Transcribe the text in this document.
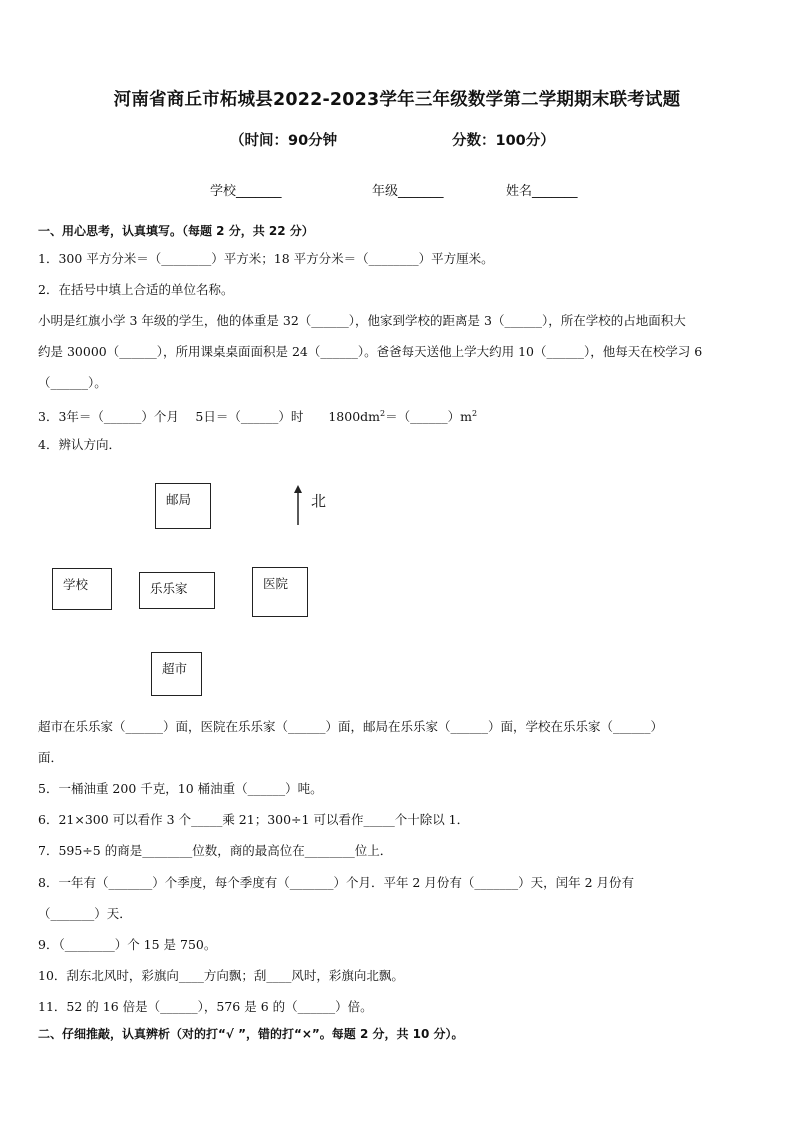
河南省商丘市柘城县2022-2023学年三年级数学第二学期期末联考试题
（时间：90分钟	分数：100分）
学校_______	年级_______	姓名_______
一、用心思考，认真填写。（每题 2 分，共 22 分）
1．300 平方分米＝（________）平方米；18 平方分米＝（________）平方厘米。
2．在括号中填上合适的单位名称。
小明是红旗小学 3 年级的学生，他的体重是 32（______），他家到学校的距离是 3（______），所在学校的占地面积大
约是 30000（______），所用课桌桌面面积是 24（______）。爸爸每天送他上学大约用 10（______），他每天在校学习 6
（______）。
3．3年＝（______）个月　 5日＝（______）时　　$1800dm^2=(\_\_\_\_\_\_)m^2$
4．辨认方向．
邮局	北
学校	乐乐家	医院
超市
超市在乐乐家（______）面，医院在乐乐家（______）面，邮局在乐乐家（______）面，学校在乐乐家（______）
面．
5．一桶油重 200 千克，10 桶油重（______）吨。
6．21×300 可以看作 3 个_____乘 21；300÷1 可以看作_____个十除以 1．
7．595÷5 的商是________位数，商的最高位在________位上．
8．一年有（_______）个季度，每个季度有（_______）个月．平年 2 月份有（_______）天，闰年 2 月份有
（_______）天．
9．（________）个 15 是 750。
10．刮东北风时，彩旗向____方向飘；刮____风时，彩旗向北飘。
11．52 的 16 倍是（______），576 是 6 的（______）倍。
二、仔细推敲，认真辨析（对的打“√ ”，错的打“×”。每题 2 分，共 10 分）。
